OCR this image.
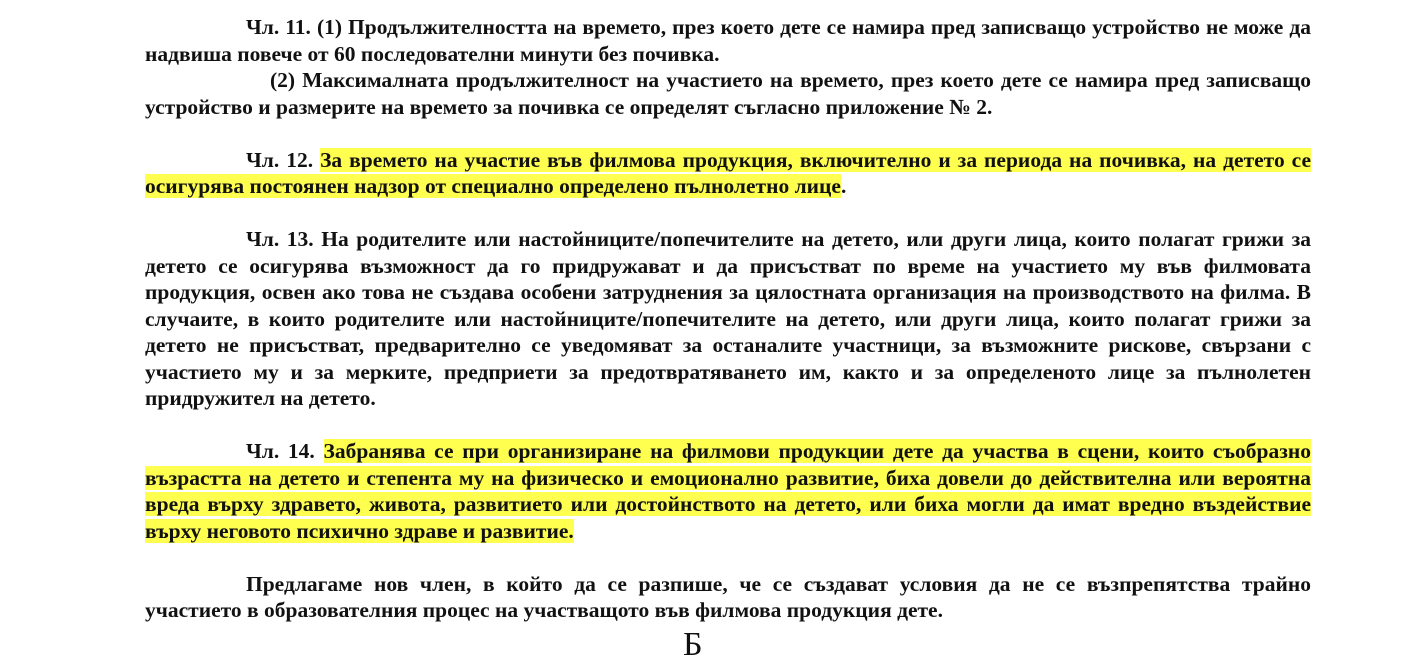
Чл. 11. (1) Продължителността на времето, през което дете се намира пред записващо устройство не може да надвиша повече от 60 последователни минути без почивка.

(2) Максималната продължителност на участието на времето, през което дете се намира пред записващо устройство и размерите на времето за почивка се определят съгласно приложение № 2.

Чл. 12. За времето на участие във филмова продукция, включително и за периода на почивка, на детето се осигурява постоянен надзор от специално определено пълнолетно лице.

Чл. 13. На родителите или настойниците/попечителите на детето, или други лица, които полагат грижи за детето се осигурява възможност да го придружават и да присъстват по време на участието му във филмовата продукция, освен ако това не създава особени затруднения за цялостната организация на производството на филма. В случаите, в които родителите или настойниците/попечителите на детето, или други лица, които полагат грижи за детето не присъстват, предварително се уведомяват за останалите участници, за възможните рискове, свързани с участието му и за мерките, предприети за предотвратяването им, както и за определеното лице за пълнолетен придружител на детето.

Чл. 14. Забранява се при организиране на филмови продукции дете да участва в сцени, които съобразно възрастта на детето и степента му на физическо и емоционално развитие, биха довели до действителна или вероятна вреда върху здравето, живота, развитието или достойнството на детето, или биха могли да имат вредно въздействие върху неговото психично здраве и развитие.

Предлагаме нов член, в който да се разпише, че се създават условия да не се възпрепятства трайно участието в образователния процес на участващото във филмова продукция дете.

Б
